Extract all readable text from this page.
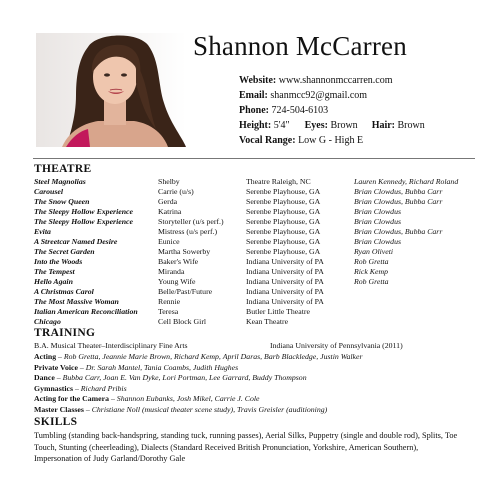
Shannon McCarren
Website: www.shannonmccarren.com
Email: shanmcc92@gmail.com
Phone: 724-504-6103
Height: 5'4" Eyes: Brown Hair: Brown
Vocal Range: Low G - High E
THEATRE
Steel Magnolias	Shelby	Theatre Raleigh, NC	Lauren Kennedy, Richard Roland
Carousel	Carrie (u/s)	Serenbe Playhouse, GA	Brian Clowdus, Bubba Carr
The Snow Queen	Gerda	Serenbe Playhouse, GA	Brian Clowdus, Bubba Carr
The Sleepy Hollow Experience	Katrina	Serenbe Playhouse, GA	Brian Clowdus
The Sleepy Hollow Experience	Storyteller (u/s perf.)	Serenbe Playhouse, GA	Brian Clowdus
Evita	Mistress (u/s perf.)	Serenbe Playhouse, GA	Brian Clowdus, Bubba Carr
A Streetcar Named Desire	Eunice	Serenbe Playhouse, GA	Brian Clowdus
The Secret Garden	Martha Sowerby	Serenbe Playhouse, GA	Ryan Oliveti
Into the Woods	Baker's Wife	Indiana University of PA	Rob Gretta
The Tempest	Miranda	Indiana University of PA	Rick Kemp
Hello Again	Young Wife	Indiana University of PA	Rob Gretta
A Christmas Carol	Belle/Past/Future	Indiana University of PA
The Most Massive Woman	Rennie	Indiana University of PA
Italian American Reconciliation	Teresa	Butler Little Theatre
Chicago	Cell Block Girl	Kean Theatre
TRAINING
B.A. Musical Theater–Interdisciplinary Fine Arts	Indiana University of Pennsylvania (2011)
Acting – Rob Gretta, Jeannie Marie Brown, Richard Kemp, April Daras, Barb Blackledge, Justin Walker
Private Voice – Dr. Sarah Mantel, Tania Coambs, Judith Hughes
Dance – Bubba Carr, Joan E. Van Dyke, Lori Portman, Lee Garrard, Buddy Thompson
Gymnastics – Richard Pribis
Acting for the Camera – Shannon Eubanks, Josh Mikel, Carrie J. Cole
Master Classes – Christiane Noll (musical theater scene study), Travis Greisler (auditioning)
SKILLS
Tumbling (standing back-handspring, standing tuck, running passes), Aerial Silks, Puppetry (single and double rod), Splits, Toe Touch, Stunting (cheerleading), Dialects (Standard Received British Pronunciation, Yorkshire, American Southern), Impersonation of Judy Garland/Dorothy Gale
